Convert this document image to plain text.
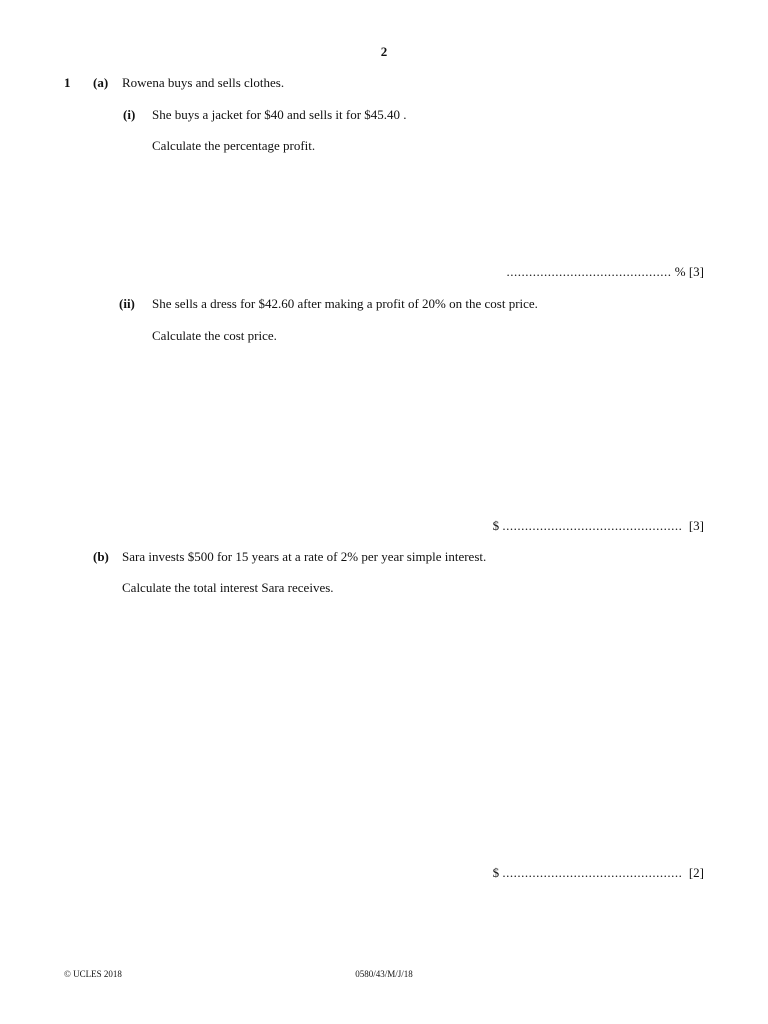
2
1 (a) Rowena buys and sells clothes.
(i) She buys a jacket for $40 and sells it for $45.40 .
Calculate the percentage profit.
............................................ % [3]
(ii) She sells a dress for $42.60 after making a profit of 20% on the cost price.
Calculate the cost price.
$ ................................................ [3]
(b) Sara invests $500 for 15 years at a rate of 2% per year simple interest.
Calculate the total interest Sara receives.
$ ................................................ [2]
© UCLES 2018	0580/43/M/J/18
